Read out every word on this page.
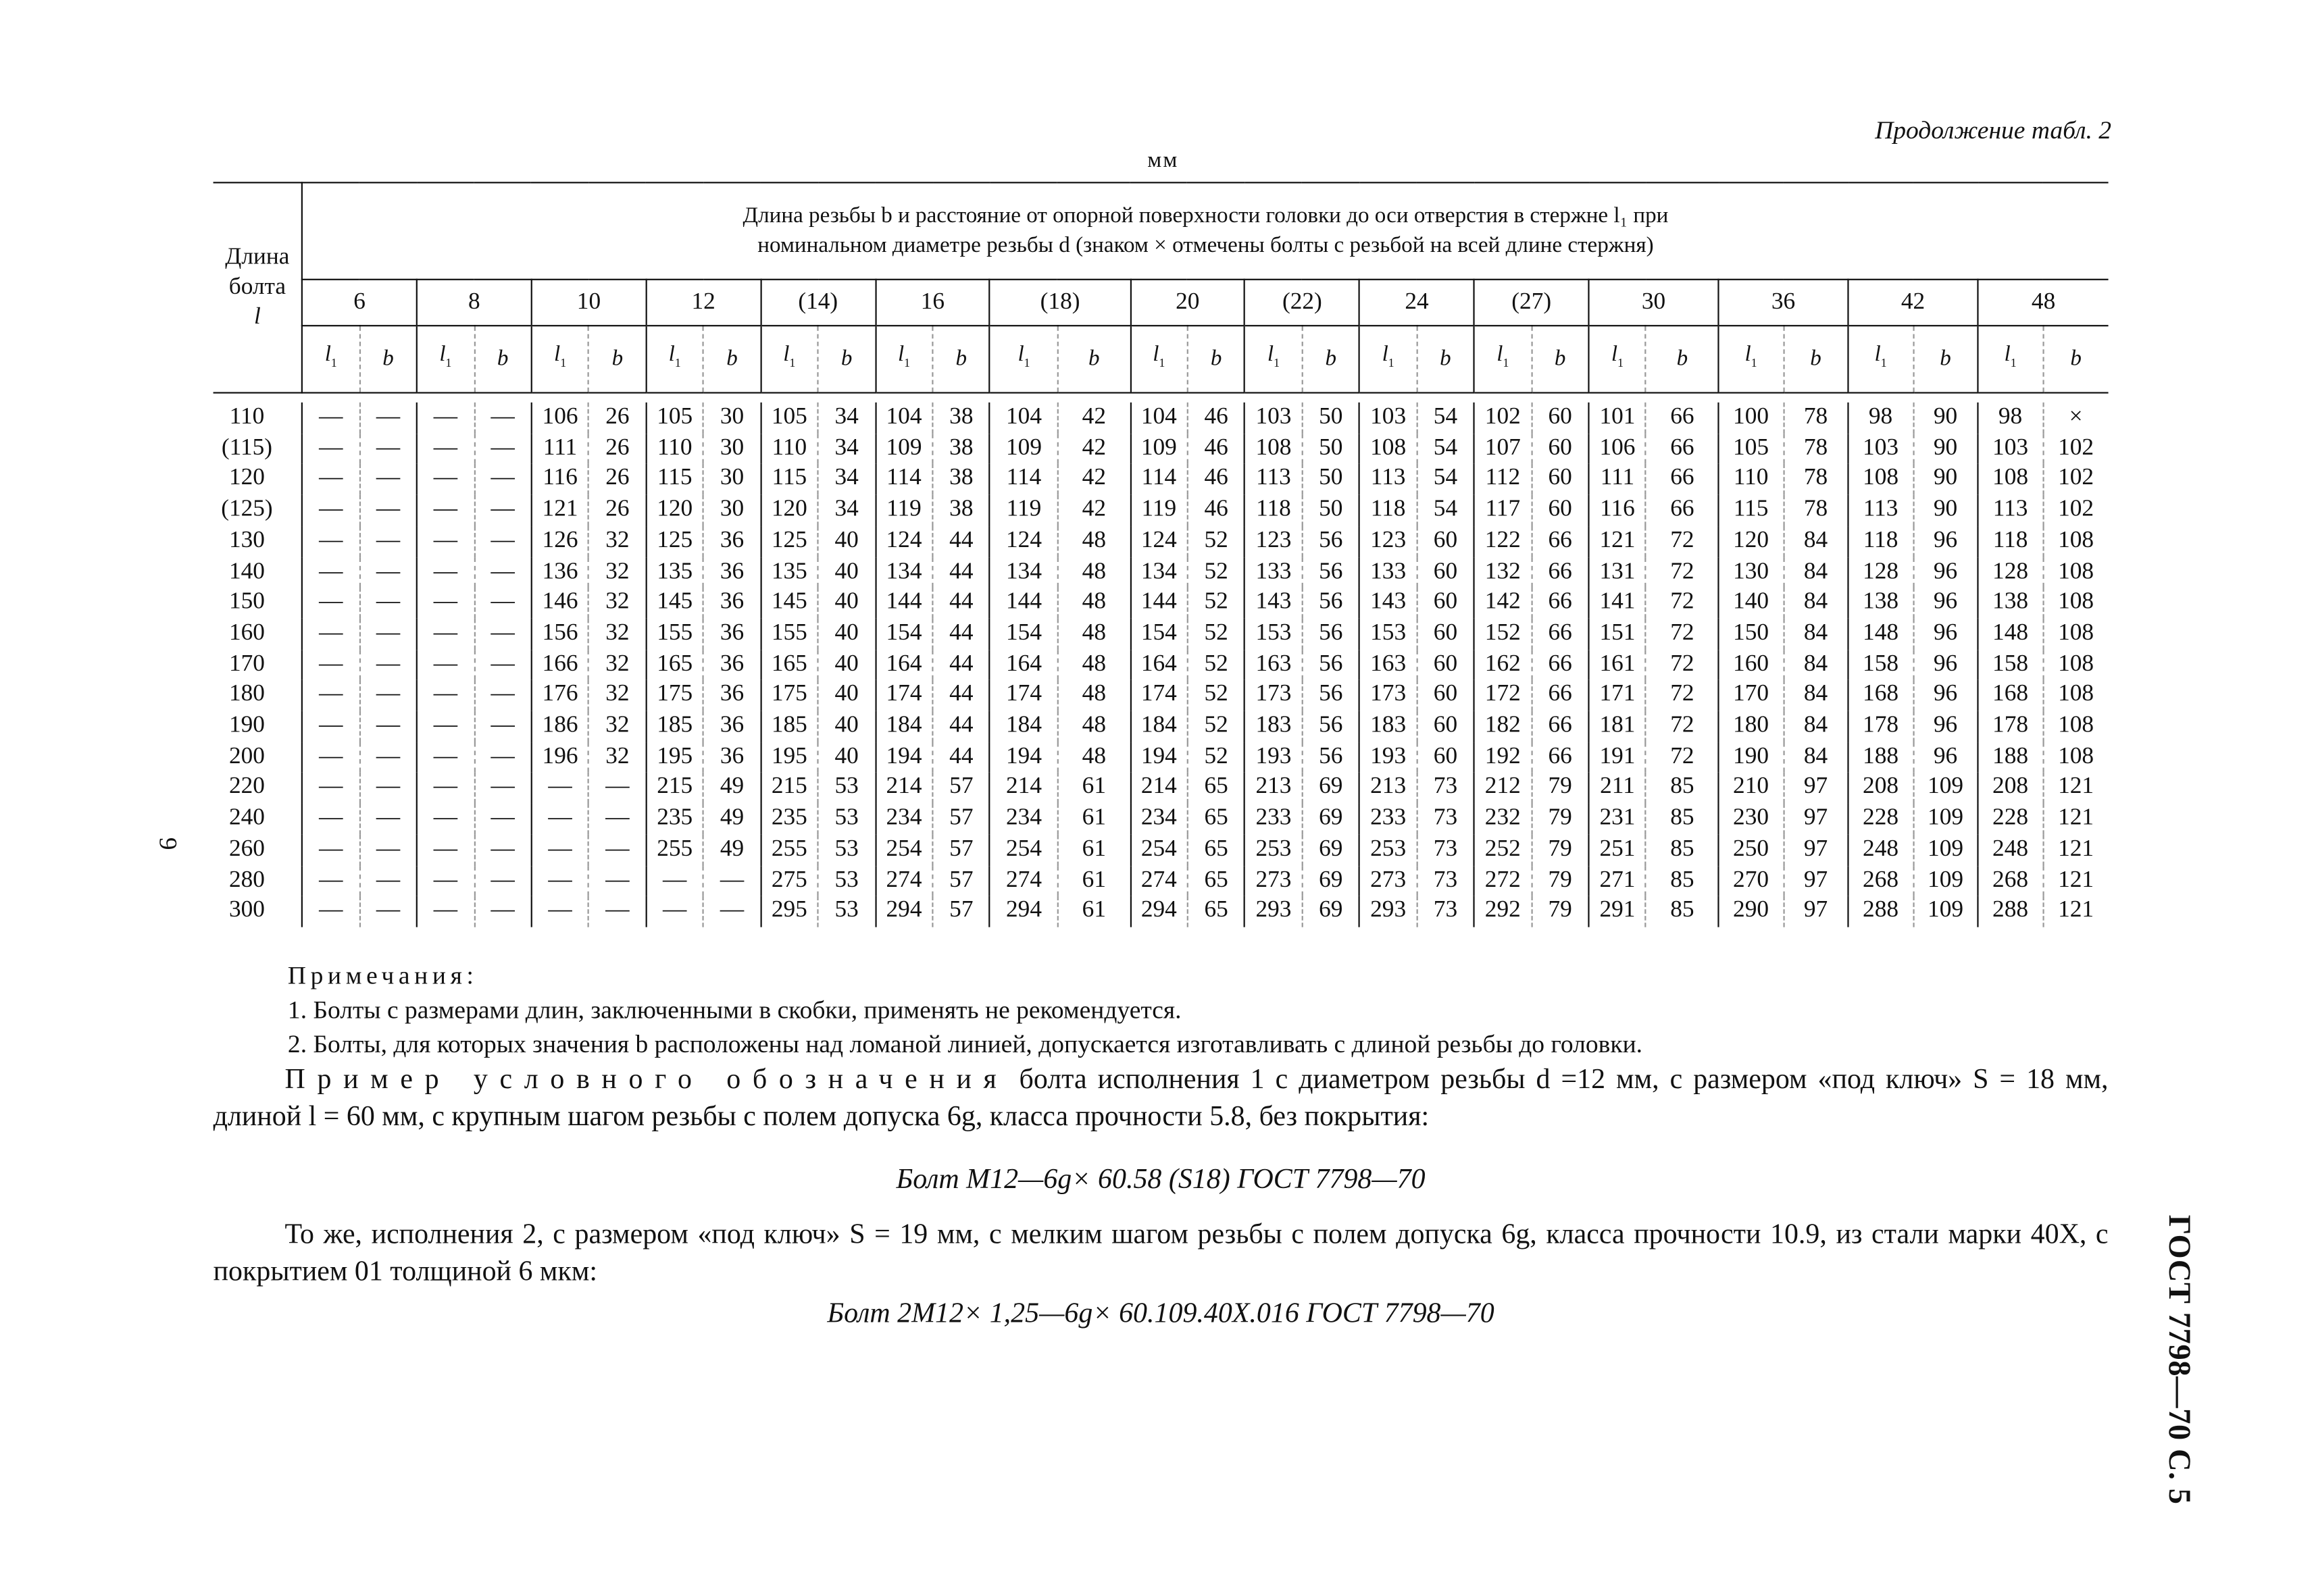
Продолжение табл. 2
мм
9
ГОСТ 7798—70 С. 5
Длина
болта
l	Длина резьбы b и расстояние от опорной поверхности головки до оси отверстия в стержне l₁ при
номинальном диаметре резьбы d (знаком × отмечены болты с резьбой на всей длине стержня)																													
	6		8		10		12		(14)		16		(18)		20		(22)		24		(27)		30		36		42		48	
	$l_1$	b	$l_1$	b	$l_1$	b	$l_1$	b	$l_1$	b	$l_1$	b	$l_1$	b	$l_1$	b	$l_1$	b	$l_1$	b	$l_1$	b	$l_1$	b	$l_1$	b	$l_1$	b	$l_1$	b

110	—	—	—	—	106	26	105	30	105	34	104	38	104	42	104	46	103	50	103	54	102	60	101	66	100	78	98	90	98	×
(115)	—	—	—	—	111	26	110	30	110	34	109	38	109	42	109	46	108	50	108	54	107	60	106	66	105	78	103	90	103	102
120	—	—	—	—	116	26	115	30	115	34	114	38	114	42	114	46	113	50	113	54	112	60	111	66	110	78	108	90	108	102
(125)	—	—	—	—	121	26	120	30	120	34	119	38	119	42	119	46	118	50	118	54	117	60	116	66	115	78	113	90	113	102
130	—	—	—	—	126	32	125	36	125	40	124	44	124	48	124	52	123	56	123	60	122	66	121	72	120	84	118	96	118	108
140	—	—	—	—	136	32	135	36	135	40	134	44	134	48	134	52	133	56	133	60	132	66	131	72	130	84	128	96	128	108
150	—	—	—	—	146	32	145	36	145	40	144	44	144	48	144	52	143	56	143	60	142	66	141	72	140	84	138	96	138	108
160	—	—	—	—	156	32	155	36	155	40	154	44	154	48	154	52	153	56	153	60	152	66	151	72	150	84	148	96	148	108
170	—	—	—	—	166	32	165	36	165	40	164	44	164	48	164	52	163	56	163	60	162	66	161	72	160	84	158	96	158	108
180	—	—	—	—	176	32	175	36	175	40	174	44	174	48	174	52	173	56	173	60	172	66	171	72	170	84	168	96	168	108
190	—	—	—	—	186	32	185	36	185	40	184	44	184	48	184	52	183	56	183	60	182	66	181	72	180	84	178	96	178	108
200	—	—	—	—	196	32	195	36	195	40	194	44	194	48	194	52	193	56	193	60	192	66	191	72	190	84	188	96	188	108
220	—	—	—	—	—	—	215	49	215	53	214	57	214	61	214	65	213	69	213	73	212	79	211	85	210	97	208	109	208	121
240	—	—	—	—	—	—	235	49	235	53	234	57	234	61	234	65	233	69	233	73	232	79	231	85	230	97	228	109	228	121
260	—	—	—	—	—	—	255	49	255	53	254	57	254	61	254	65	253	69	253	73	252	79	251	85	250	97	248	109	248	121
280	—	—	—	—	—	—	—	—	275	53	274	57	274	61	274	65	273	69	273	73	272	79	271	85	270	97	268	109	268	121
300	—	—	—	—	—	—	—	—	295	53	294	57	294	61	294	65	293	69	293	73	292	79	291	85	290	97	288	109	288	121
Примечания:
1. Болты с размерами длин, заключенными в скобки, применять не рекомендуется.
2. Болты, для которых значения b расположены над ломаной линией, допускается изготавливать с длиной резьбы до головки.
Пример условного обозначения болта исполнения 1 с диаметром резьбы d =12 мм, с размером «под ключ» S = 18 мм, длиной l = 60 мм, с крупным шагом резьбы с полем допуска 6g, класса прочности 5.8, без покрытия:
Болт М12—6g× 60.58 (S18) ГОСТ 7798—70
То же, исполнения 2, с размером «под ключ» S = 19 мм, с мелким шагом резьбы с полем допуска 6g, класса прочности 10.9, из стали марки 40Х, с покрытием 01 толщиной 6 мкм:
Болт 2М12× 1,25—6g× 60.109.40Х.016 ГОСТ 7798—70
